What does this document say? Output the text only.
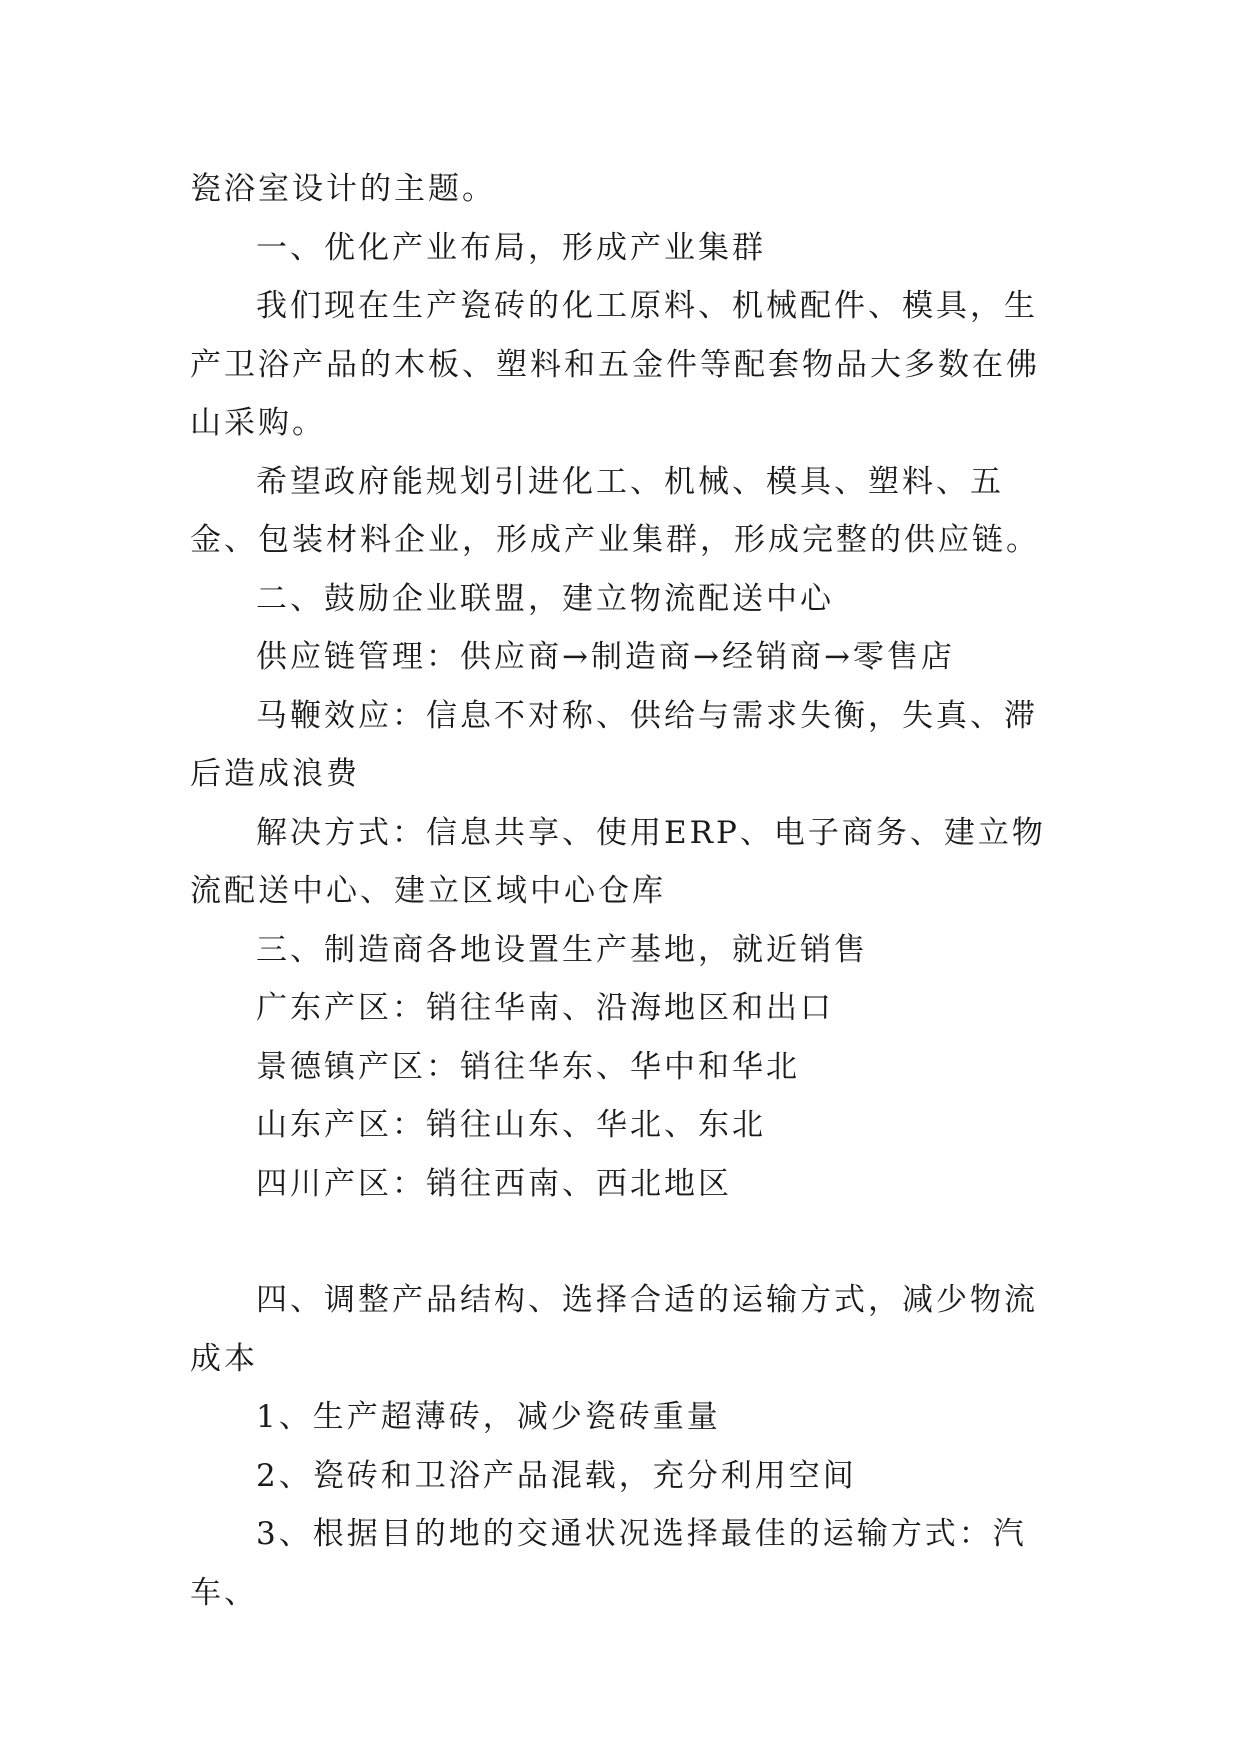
瓷浴室设计的主题。

一、优化产业布局，形成产业集群

我们现在生产瓷砖的化工原料、机械配件、模具，生产卫浴产品的木板、塑料和五金件等配套物品大多数在佛山采购。

希望政府能规划引进化工、机械、模具、塑料、五金、包装材料企业，形成产业集群，形成完整的供应链。

二、鼓励企业联盟，建立物流配送中心

供应链管理：供应商→制造商→经销商→零售店

马鞭效应：信息不对称、供给与需求失衡，失真、滞后造成浪费

解决方式：信息共享、使用ERP、电子商务、建立物流配送中心、建立区域中心仓库

三、制造商各地设置生产基地，就近销售

广东产区：销往华南、沿海地区和出口

景德镇产区：销往华东、华中和华北

山东产区：销往山东、华北、东北

四川产区：销往西南、西北地区

四、调整产品结构、选择合适的运输方式，减少物流成本

1、生产超薄砖，减少瓷砖重量

2、瓷砖和卫浴产品混载，充分利用空间

3、根据目的地的交通状况选择最佳的运输方式：汽车、
